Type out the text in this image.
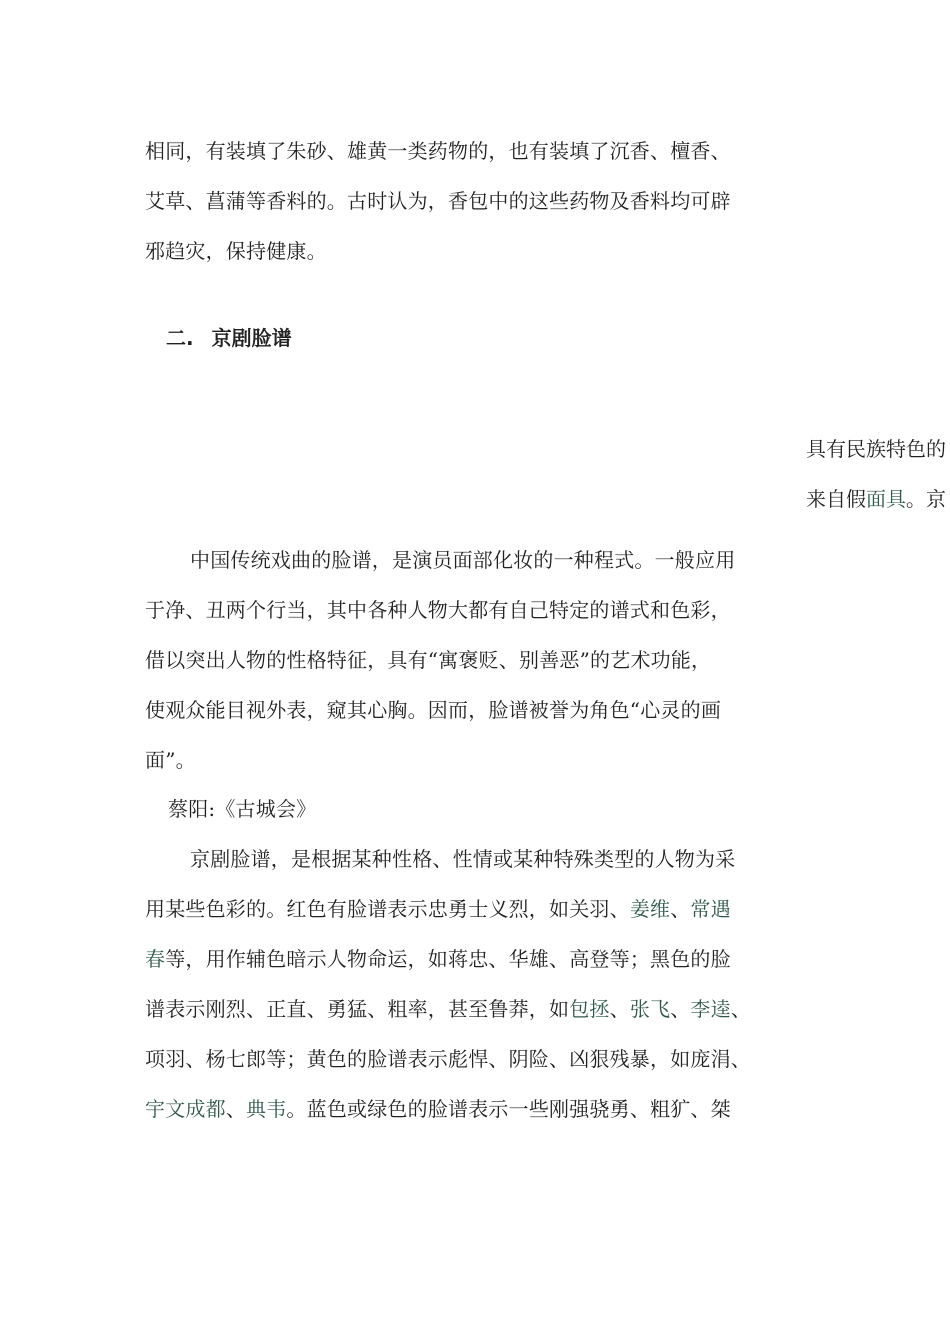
相同，有装填了朱砂、雄黄一类药物的，也有装填了沉香、檀香、
艾草、菖蒲等香料的。古时认为，香包中的这些药物及香料均可辟
邪趋灾，保持健康。
二. 京剧脸谱
具有民族特色的
来自假面具。京
中国传统戏曲的脸谱，是演员面部化妆的一种程式。一般应用
于净、丑两个行当，其中各种人物大都有自己特定的谱式和色彩，
借以突出人物的性格特征，具有“寓褒贬、别善恶”的艺术功能，
使观众能目视外表，窥其心胸。因而，脸谱被誉为角色“心灵的画
面”。
蔡阳:《古城会》
京剧脸谱，是根据某种性格、性情或某种特殊类型的人物为采
用某些色彩的。红色有脸谱表示忠勇士义烈，如关羽、姜维、常遇
春等，用作辅色暗示人物命运，如蒋忠、华雄、高登等；黑色的脸
谱表示刚烈、正直、勇猛、粗率，甚至鲁莽，如包拯、张飞、李逵、
项羽、杨七郎等；黄色的脸谱表示彪悍、阴险、凶狠残暴，如庞涓、
宇文成都、典韦。蓝色或绿色的脸谱表示一些刚强骁勇、粗犷、桀
